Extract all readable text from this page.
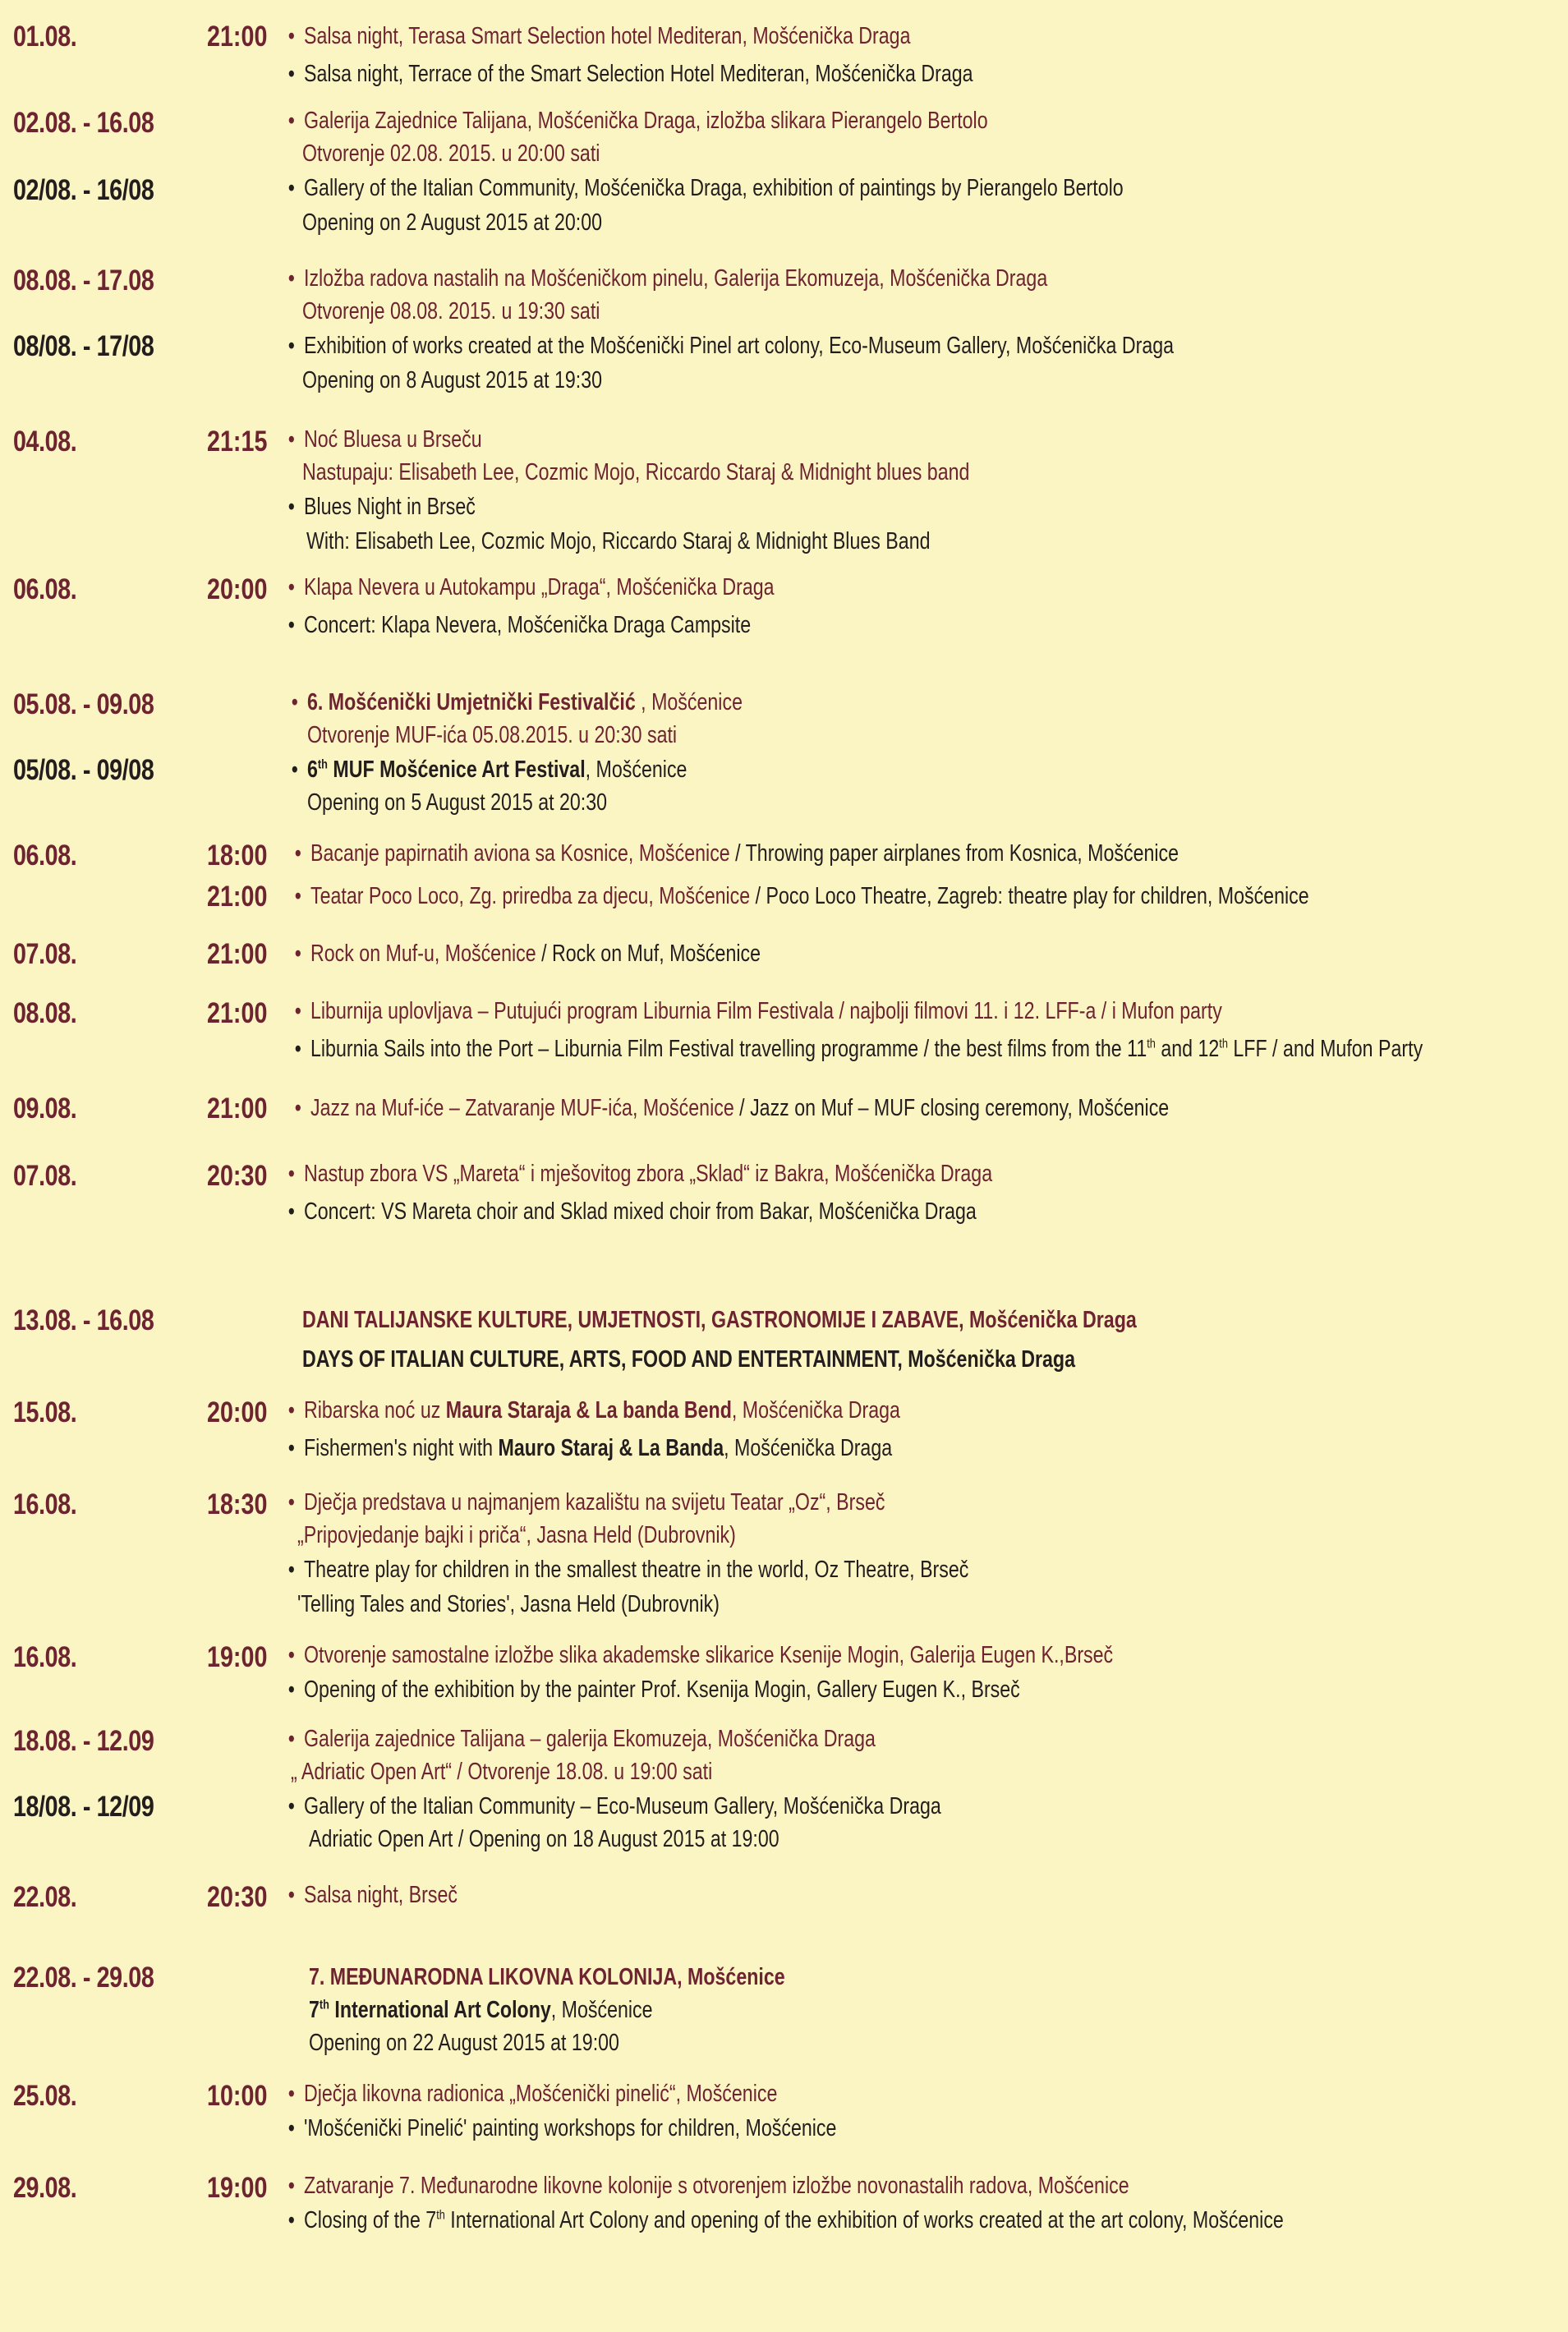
01.08.	21:00 • Salsa night, Terasa Smart Selection hotel Mediteran, Mošćenička Draga
• Salsa night, Terrace of the Smart Selection Hotel Mediteran, Mošćenička Draga
02.08. - 16.08	• Galerija Zajednice Talijana, Mošćenička Draga, izložba slikara Pierangelo Bertolo
Otvorenje 02.08. 2015. u 20:00 sati
02/08. - 16/08	• Gallery of the Italian Community, Mošćenička Draga, exhibition of paintings by Pierangelo Bertolo
Opening on 2 August 2015 at 20:00
08.08. - 17.08	• Izložba radova nastalih na Mošćeničkom pinelu, Galerija Ekomuzeja, Mošćenička Draga
Otvorenje 08.08. 2015. u 19:30 sati
08/08. - 17/08	• Exhibition of works created at the Mošćenički Pinel art colony, Eco-Museum Gallery, Mošćenička Draga
Opening on 8 August 2015 at 19:30
04.08.	21:15 • Noć Bluesa u Brseču
Nastupaju: Elisabeth Lee, Cozmic Mojo, Riccardo Staraj & Midnight blues band
• Blues Night in Brseč
With: Elisabeth Lee, Cozmic Mojo, Riccardo Staraj & Midnight Blues Band
06.08.	20:00 • Klapa Nevera u Autokampu „Draga“, Mošćenička Draga
• Concert: Klapa Nevera, Mošćenička Draga Campsite
05.08. - 09.08	• 6. Mošćenički Umjetnički Festivalčić , Mošćenice
Otvorenje MUF-ića 05.08.2015. u 20:30 sati
05/08. - 09/08	• 6th MUF Mošćenice Art Festival, Mošćenice
Opening on 5 August 2015 at 20:30
06.08.	18:00 • Bacanje papirnatih aviona sa Kosnice, Mošćenice / Throwing paper airplanes from Kosnica, Mošćenice
21:00 • Teatar Poco Loco, Zg. priredba za djecu, Mošćenice / Poco Loco Theatre, Zagreb: theatre play for children, Mošćenice
07.08.	21:00 • Rock on Muf-u, Mošćenice / Rock on Muf, Mošćenice
08.08.	21:00 • Liburnija uplovljava – Putujući program Liburnia Film Festivala / najbolji filmovi 11. i 12. LFF-a / i Mufon party
• Liburnia Sails into the Port – Liburnia Film Festival travelling programme / the best films from the 11th and 12th LFF / and Mufon Party
09.08.	21:00 • Jazz na Muf-iće – Zatvaranje MUF-ića, Mošćenice / Jazz on Muf – MUF closing ceremony, Mošćenice
07.08.	20:30 • Nastup zbora VS „Mareta“ i mješovitog zbora „Sklad“ iz Bakra, Mošćenička Draga
• Concert: VS Mareta choir and Sklad mixed choir from Bakar, Mošćenička Draga
13.08. - 16.08	DANI TALIJANSKE KULTURE, UMJETNOSTI, GASTRONOMIJE I ZABAVE, Mošćenička Draga
DAYS OF ITALIAN CULTURE, ARTS, FOOD AND ENTERTAINMENT, Mošćenička Draga
15.08.	20:00 • Ribarska noć uz Maura Staraja & La banda Bend, Mošćenička Draga
• Fishermen's night with Mauro Staraj & La Banda, Mošćenička Draga
16.08.	18:30 • Dječja predstava u najmanjem kazalištu na svijetu Teatar „Oz“, Brseč
„Pripovjedanje bajki i priča“, Jasna Held (Dubrovnik)
• Theatre play for children in the smallest theatre in the world, Oz Theatre, Brseč
'Telling Tales and Stories', Jasna Held (Dubrovnik)
16.08.	19:00 • Otvorenje samostalne izložbe slika akademske slikarice Ksenije Mogin, Galerija Eugen K.,Brseč
• Opening of the exhibition by the painter Prof. Ksenija Mogin, Gallery Eugen K., Brseč
18.08. - 12.09	• Galerija zajednice Talijana – galerija Ekomuzeja, Mošćenička Draga
„ Adriatic Open Art“ / Otvorenje 18.08. u 19:00 sati
18/08. - 12/09	• Gallery of the Italian Community – Eco-Museum Gallery, Mošćenička Draga
Adriatic Open Art / Opening on 18 August 2015 at 19:00
22.08.	20:30 • Salsa night, Brseč
22.08. - 29.08	7. MEĐUNARODNA LIKOVNA KOLONIJA, Mošćenice
7th International Art Colony, Mošćenice
Opening on 22 August 2015 at 19:00
25.08.	10:00 • Dječja likovna radionica „Mošćenički pinelić“, Mošćenice
• 'Mošćenički Pinelić' painting workshops for children, Mošćenice
29.08.	19:00 • Zatvaranje 7. Međunarodne likovne kolonije s otvorenjem izložbe novonastalih radova, Mošćenice
• Closing of the 7th International Art Colony and opening of the exhibition of works created at the art colony, Mošćenice
